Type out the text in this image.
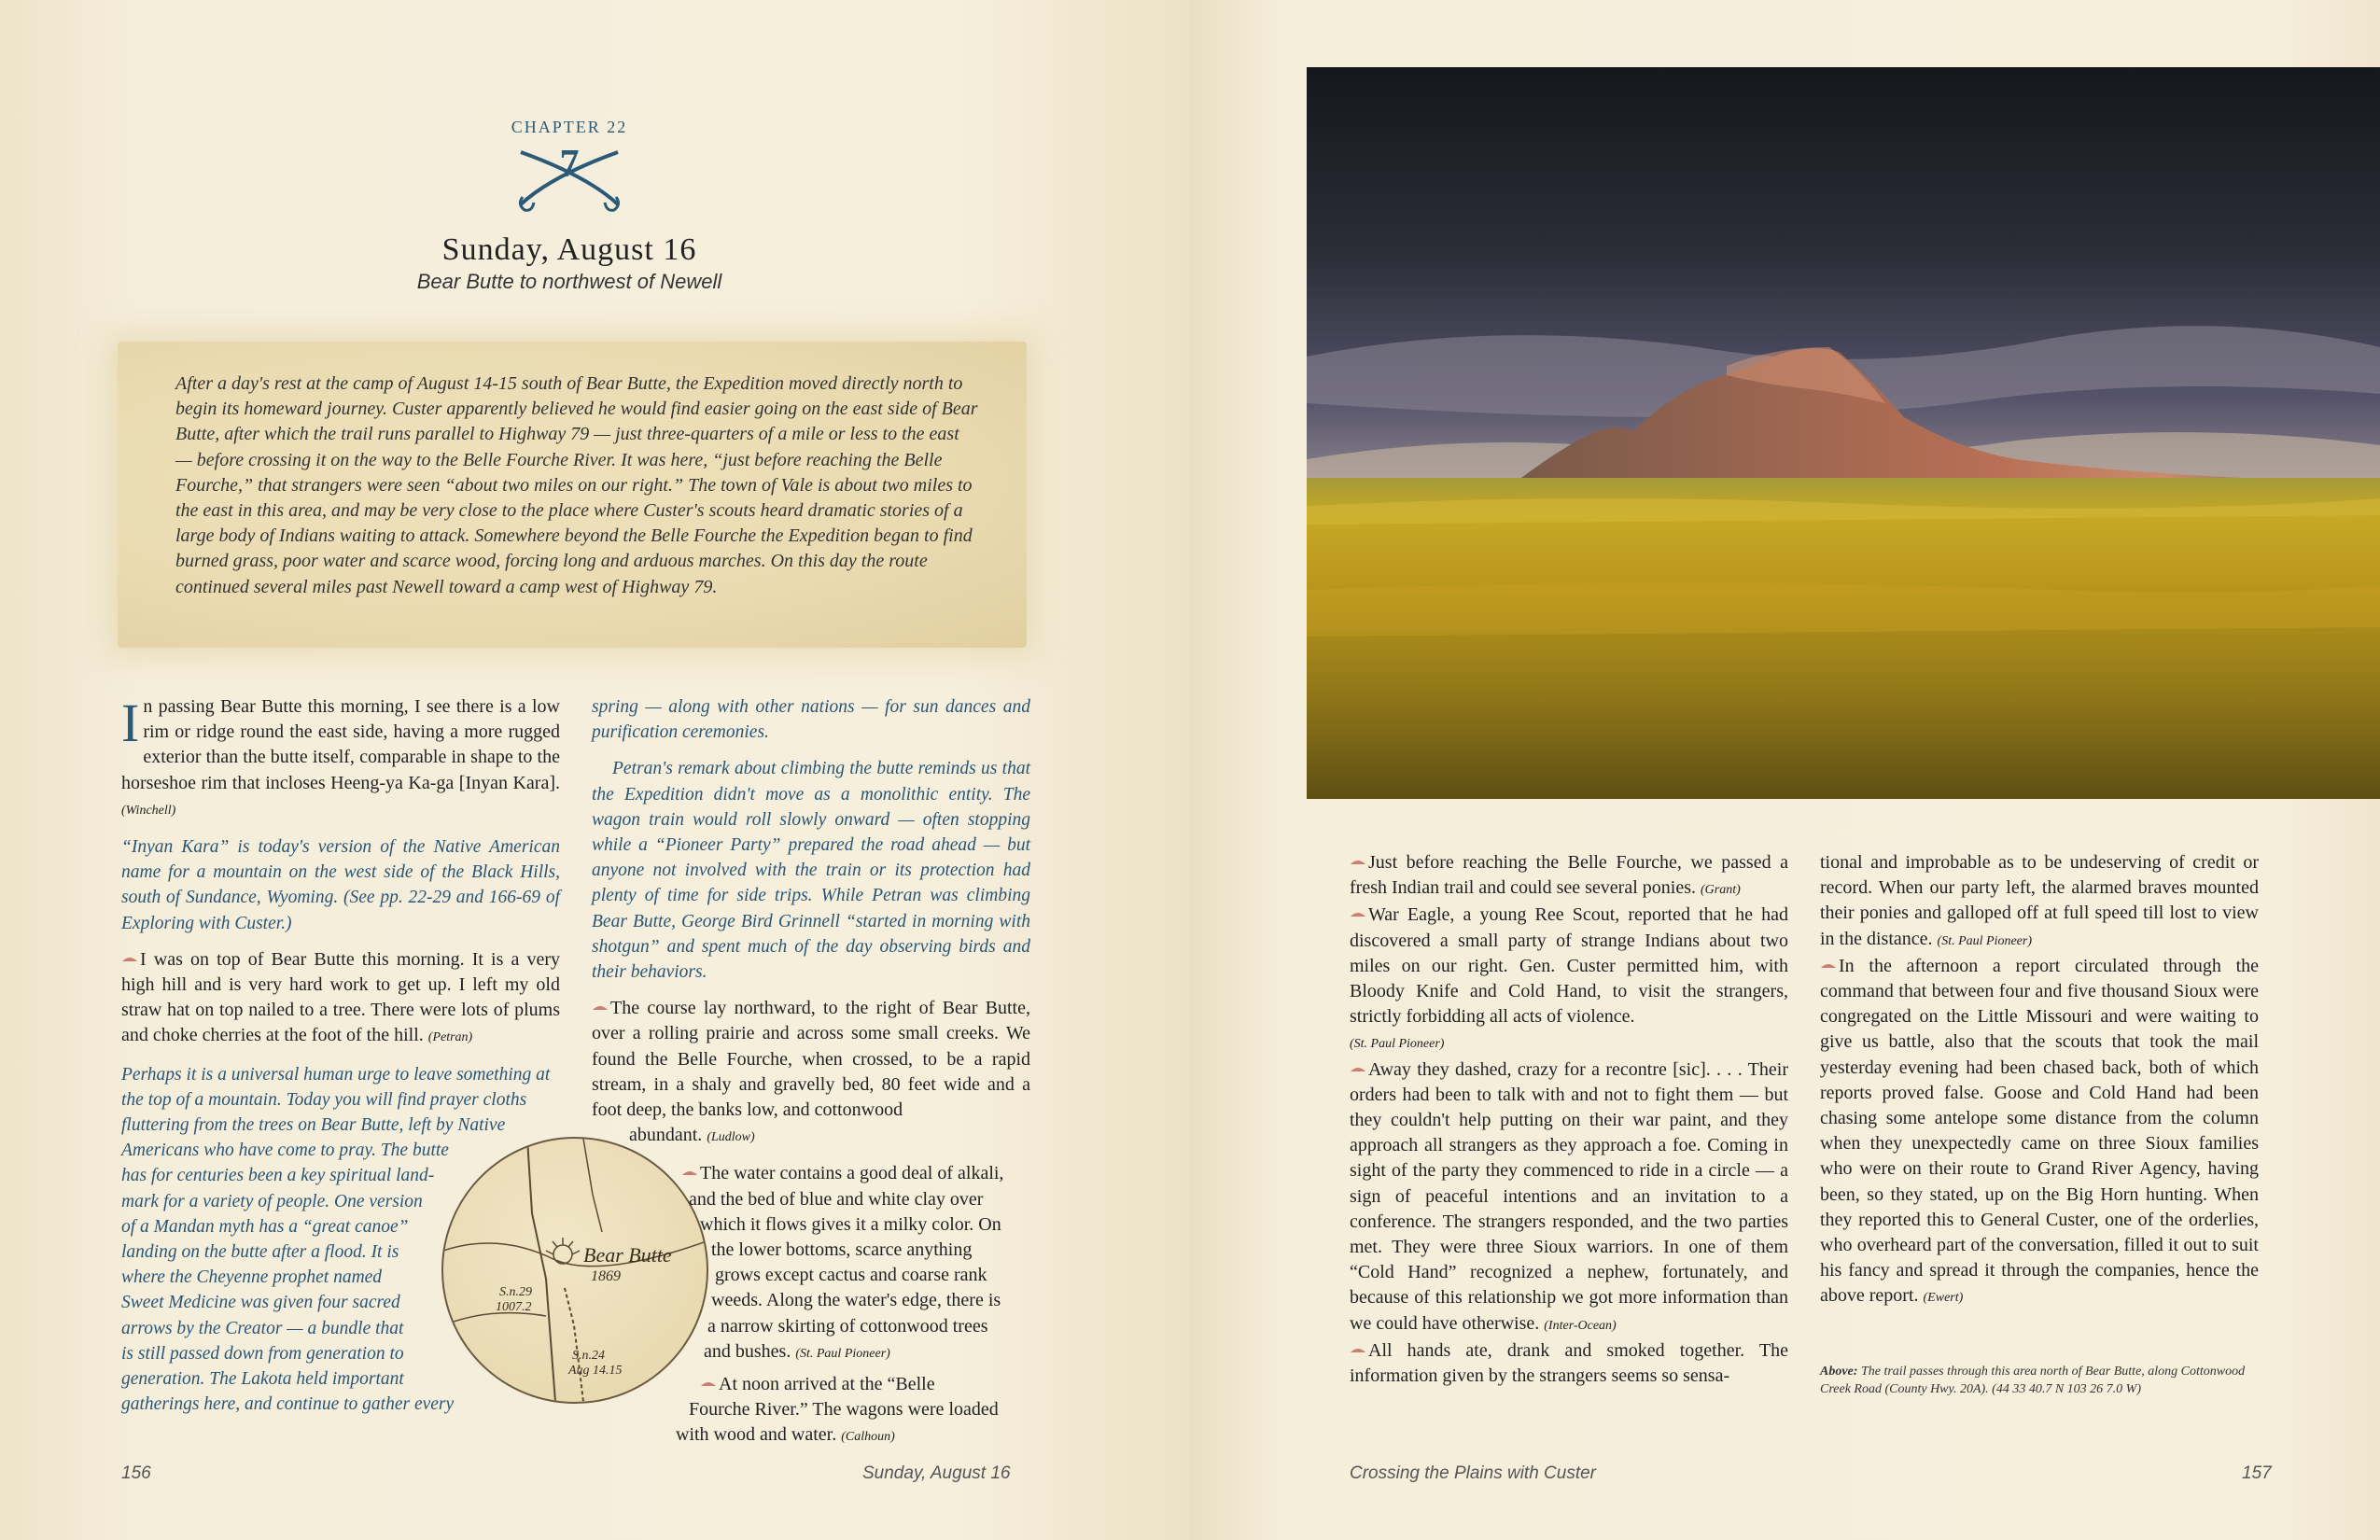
CHAPTER 22
7
Sunday, August 16
Bear Butte to northwest of Newell
After a day's rest at the camp of August 14-15 south of Bear Butte, the Expedition moved directly north to begin its homeward journey. Custer apparently believed he would find easier going on the east side of Bear Butte, after which the trail runs parallel to Highway 79 — just three-quarters of a mile or less to the east — before crossing it on the way to the Belle Fourche River. It was here, “just before reaching the Belle Fourche,” that strangers were seen “about two miles on our right.” The town of Vale is about two miles to the east in this area, and may be very close to the place where Custer's scouts heard dramatic stories of a large body of Indians waiting to attack. Somewhere beyond the Belle Fourche the Expedition began to find burned grass, poor water and scarce wood, forcing long and arduous marches. On this day the route continued several miles past Newell toward a camp west of Highway 79.

In passing Bear Butte this morning, I see there is a low rim or ridge round the east side, having a more rugged exterior than the butte itself, comparable in shape to the horseshoe rim that incloses Heeng-ya Ka-ga [Inyan Kara]. (Winchell)

“Inyan Kara” is today's version of the Native American name for a mountain on the west side of the Black Hills, south of Sundance, Wyoming. (See pp. 22-29 and 166-69 of Exploring with Custer.)

I was on top of Bear Butte this morning. It is a very high hill and is very hard work to get up. I left my old straw hat on top nailed to a tree. There were lots of plums and choke cherries at the foot of the hill. (Petran)

Perhaps it is a universal human urge to leave something at the top of a mountain. Today you will find prayer cloths fluttering from the trees on Bear Butte, left by Native
Americans who have come to pray. The butte
has for centuries been a key spiritual land-
mark for a variety of people. One version
of a Mandan myth has a “great canoe”
landing on the butte after a flood. It is
where the Cheyenne prophet named
Sweet Medicine was given four sacred
arrows by the Creator — a bundle that
is still passed down from generation to
generation. The Lakota held important
gatherings here, and continue to gather every
Bear Butte
1869
S.n.29
1007.2
S.n.24
Aug 14.15

spring — along with other nations — for sun dances and purification ceremonies.

Petran's remark about climbing the butte reminds us that the Expedition didn't move as a monolithic entity. The wagon train would roll slowly onward — often stopping while a “Pioneer Party” prepared the road ahead — but anyone not involved with the train or its protection had plenty of time for side trips. While Petran was climbing Bear Butte, George Bird Grinnell “started in morning with shotgun” and spent much of the day observing birds and their behaviors.

The course lay northward, to the right of Bear Butte, over a rolling prairie and across some small creeks. We found the Belle Fourche, when crossed, to be a rapid stream, in a shaly and gravelly bed, 80 feet wide and a foot deep, the banks low, and cottonwood

abundant. (Ludlow)
The water contains a good deal of alkali,
and the bed of blue and white clay over
which it flows gives it a milky color. On
the lower bottoms, scarce anything
grows except cactus and coarse rank
weeds. Along the water's edge, there is
a narrow skirting of cottonwood trees
and bushes. (St. Paul Pioneer)
At noon arrived at the “Belle
Fourche River.” The wagons were loaded
with wood and water. (Calhoun)

Just before reaching the Belle Fourche, we passed a fresh Indian trail and could see several ponies. (Grant)

War Eagle, a young Ree Scout, reported that he had discovered a small party of strange Indians about two miles on our right. Gen. Custer permitted him, with Bloody Knife and Cold Hand, to visit the strangers, strictly forbidding all acts of violence.
(St. Paul Pioneer)

Away they dashed, crazy for a recontre [sic]. . . . Their orders had been to talk with and not to fight them — but they couldn't help putting on their war paint, and they approach all strangers as they approach a foe. Coming in sight of the party they commenced to ride in a circle — a sign of peaceful intentions and an invitation to a conference. The strangers responded, and the two parties met. They were three Sioux warriors. In one of them “Cold Hand” recognized a nephew, fortunately, and because of this relationship we got more information than we could have otherwise. (Inter-Ocean)

All hands ate, drank and smoked together. The information given by the strangers seems so sensa-

tional and improbable as to be undeserving of credit or record. When our party left, the alarmed braves mounted their ponies and galloped off at full speed till lost to view in the distance. (St. Paul Pioneer)

In the afternoon a report circulated through the command that between four and five thousand Sioux were congregated on the Little Missouri and were waiting to give us battle, also that the scouts that took the mail yesterday evening had been chased back, both of which reports proved false. Goose and Cold Hand had been chasing some antelope some distance from the column when they unexpectedly came on three Sioux families who were on their route to Grand River Agency, having been, so they stated, up on the Big Horn hunting. When they reported this to General Custer, one of the orderlies, who overheard part of the conversation, filled it out to suit his fancy and spread it through the companies, hence the above report. (Ewert)

Above: The trail passes through this area north of Bear Butte, along Cottonwood Creek Road (County Hwy. 20A). (44 33 40.7 N 103 26 7.0 W)
156	Sunday, August 16	Crossing the Plains with Custer	157
